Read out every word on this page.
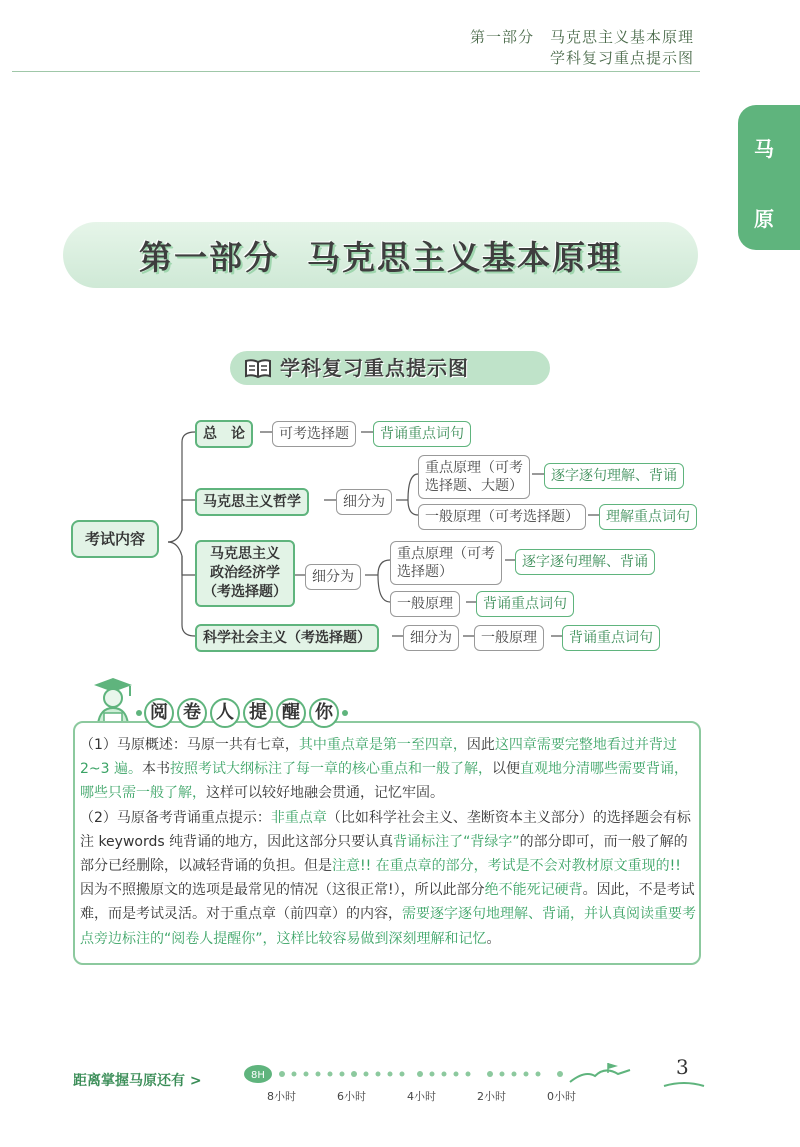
第一部分　马克思主义基本原理
学科复习重点提示图
马
原
第一部分 马克思主义基本原理
学科复习重点提示图
考试内容
总　论	可考选择题	背诵重点词句
马克思主义哲学	细分为
重点原理（可考
选择题、大题）
逐字逐句理解、背诵
一般原理（可考选择题）	理解重点词句
马克思主义
政治经济学
（考选择题）
细分为
重点原理（可考
选择题）
逐字逐句理解、背诵
一般原理	背诵重点词句
科学社会主义（考选择题）	细分为	一般原理	背诵重点词句
阅 卷 人 提 醒 你

（1）马原概述：马原一共有七章，其中重点章是第一至四章，因此这四章需要完整地看过并背过 2~3 遍。本书按照考试大纲标注了每一章的核心重点和一般了解，以便直观地分清哪些需要背诵，哪些只需一般了解，这样可以较好地融会贯通，记忆牢固。

（2）马原备考背诵重点提示：非重点章（比如科学社会主义、垄断资本主义部分）的选择题会有标注 keywords 纯背诵的地方，因此这部分只要认真背诵标注了“背绿字”的部分即可，而一般了解的部分已经删除，以减轻背诵的负担。但是注意!! 在重点章的部分，考试是不会对教材原文重现的!! 因为不照搬原文的选项是最常见的情况（这很正常!），所以此部分绝不能死记硬背。因此，不是考试难，而是考试灵活。对于重点章（前四章）的内容，需要逐字逐句地理解、背诵，并认真阅读重要考点旁边标注的“阅卷人提醒你”，这样比较容易做到深刻理解和记忆。

距离掌握马原还有 >	8H
8小时	6小时	4小时	2小时	0小时
3
